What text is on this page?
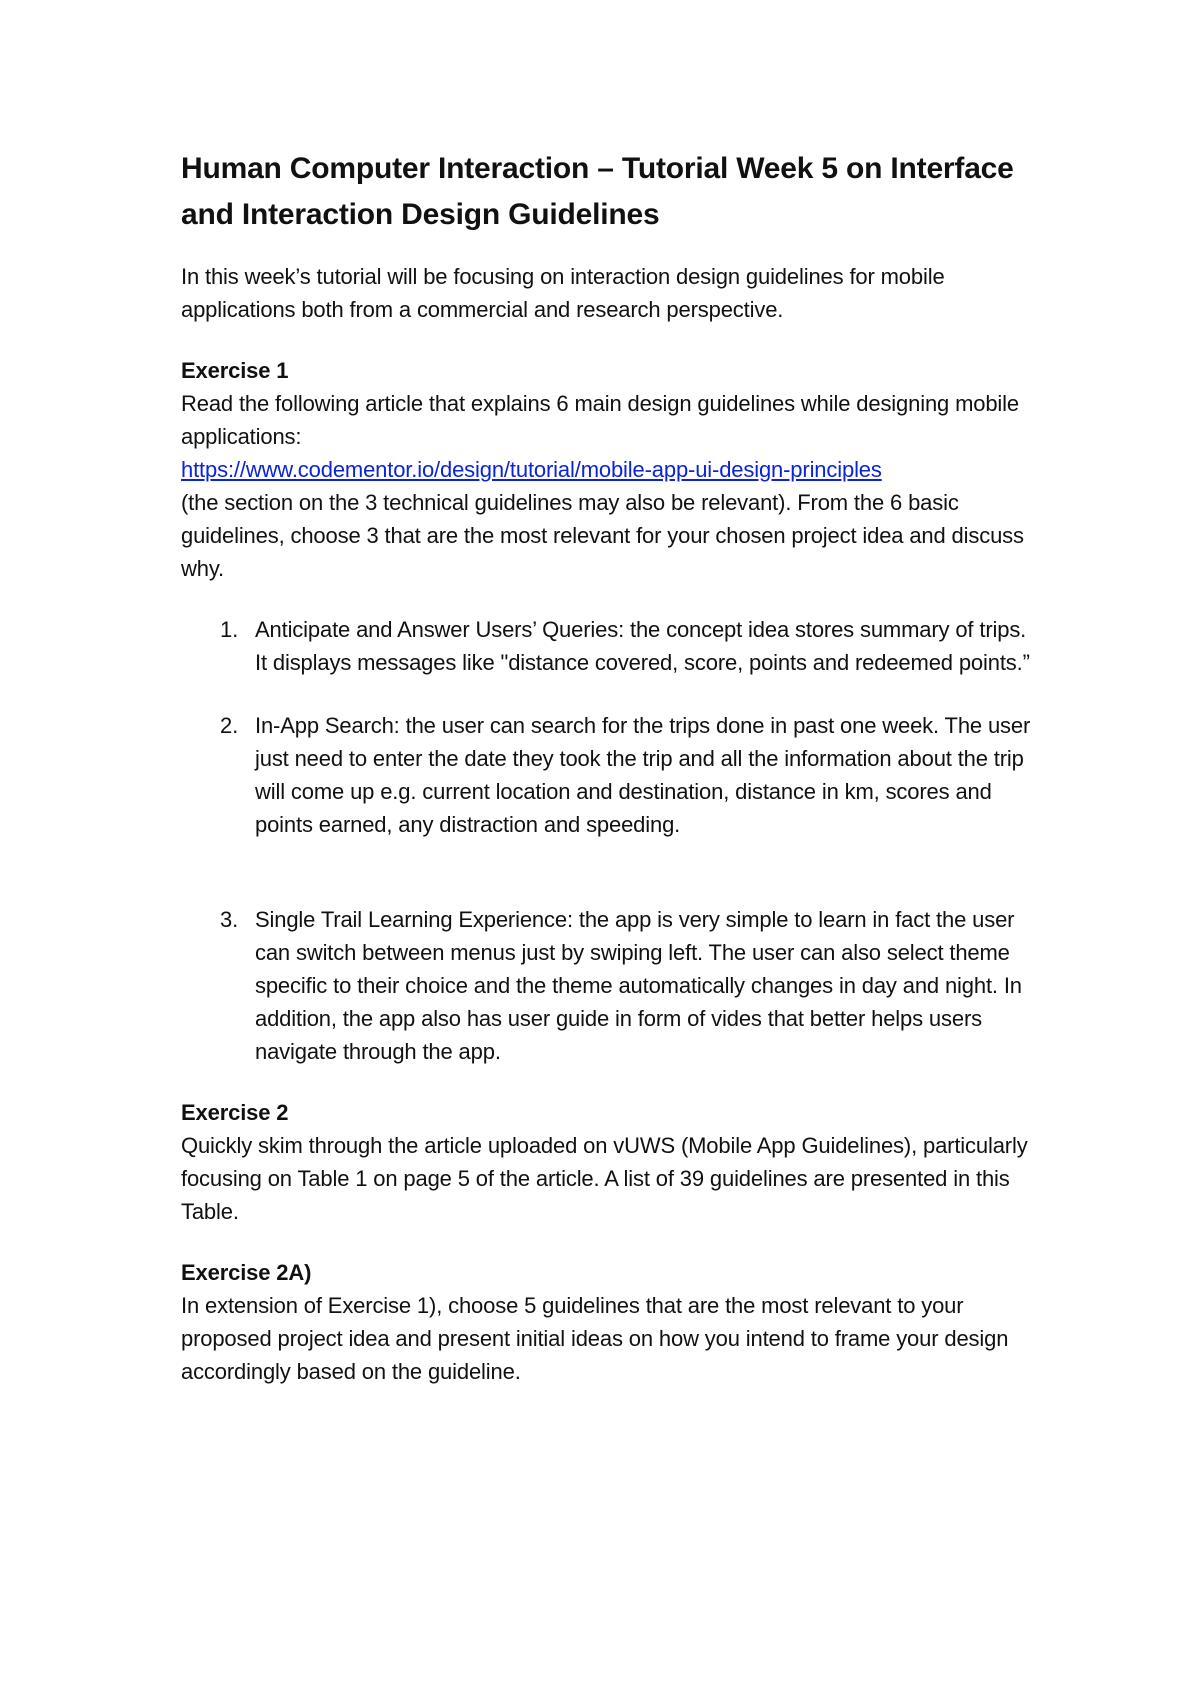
Human Computer Interaction – Tutorial Week 5 on Interface and Interaction Design Guidelines

In this week’s tutorial will be focusing on interaction design guidelines for mobile applications both from a commercial and research perspective.

Exercise 1

Read the following article that explains 6 main design guidelines while designing mobile applications:
https://www.codementor.io/design/tutorial/mobile-app-ui-design-principles
(the section on the 3 technical guidelines may also be relevant). From the 6 basic guidelines, choose 3 that are the most relevant for your chosen project idea and discuss why.

1. Anticipate and Answer Users’ Queries: the concept idea stores summary of trips. It displays messages like "distance covered, score, points and redeemed points.”
2. In-App Search: the user can search for the trips done in past one week. The user just need to enter the date they took the trip and all the information about the trip will come up e.g. current location and destination, distance in km, scores and points earned, any distraction and speeding.
3. Single Trail Learning Experience: the app is very simple to learn in fact the user can switch between menus just by swiping left. The user can also select theme specific to their choice and the theme automatically changes in day and night. In addition, the app also has user guide in form of vides that better helps users navigate through the app.

Exercise 2

Quickly skim through the article uploaded on vUWS (Mobile App Guidelines), particularly focusing on Table 1 on page 5 of the article. A list of 39 guidelines are presented in this Table.

Exercise 2A)

In extension of Exercise 1), choose 5 guidelines that are the most relevant to your proposed project idea and present initial ideas on how you intend to frame your design accordingly based on the guideline.
